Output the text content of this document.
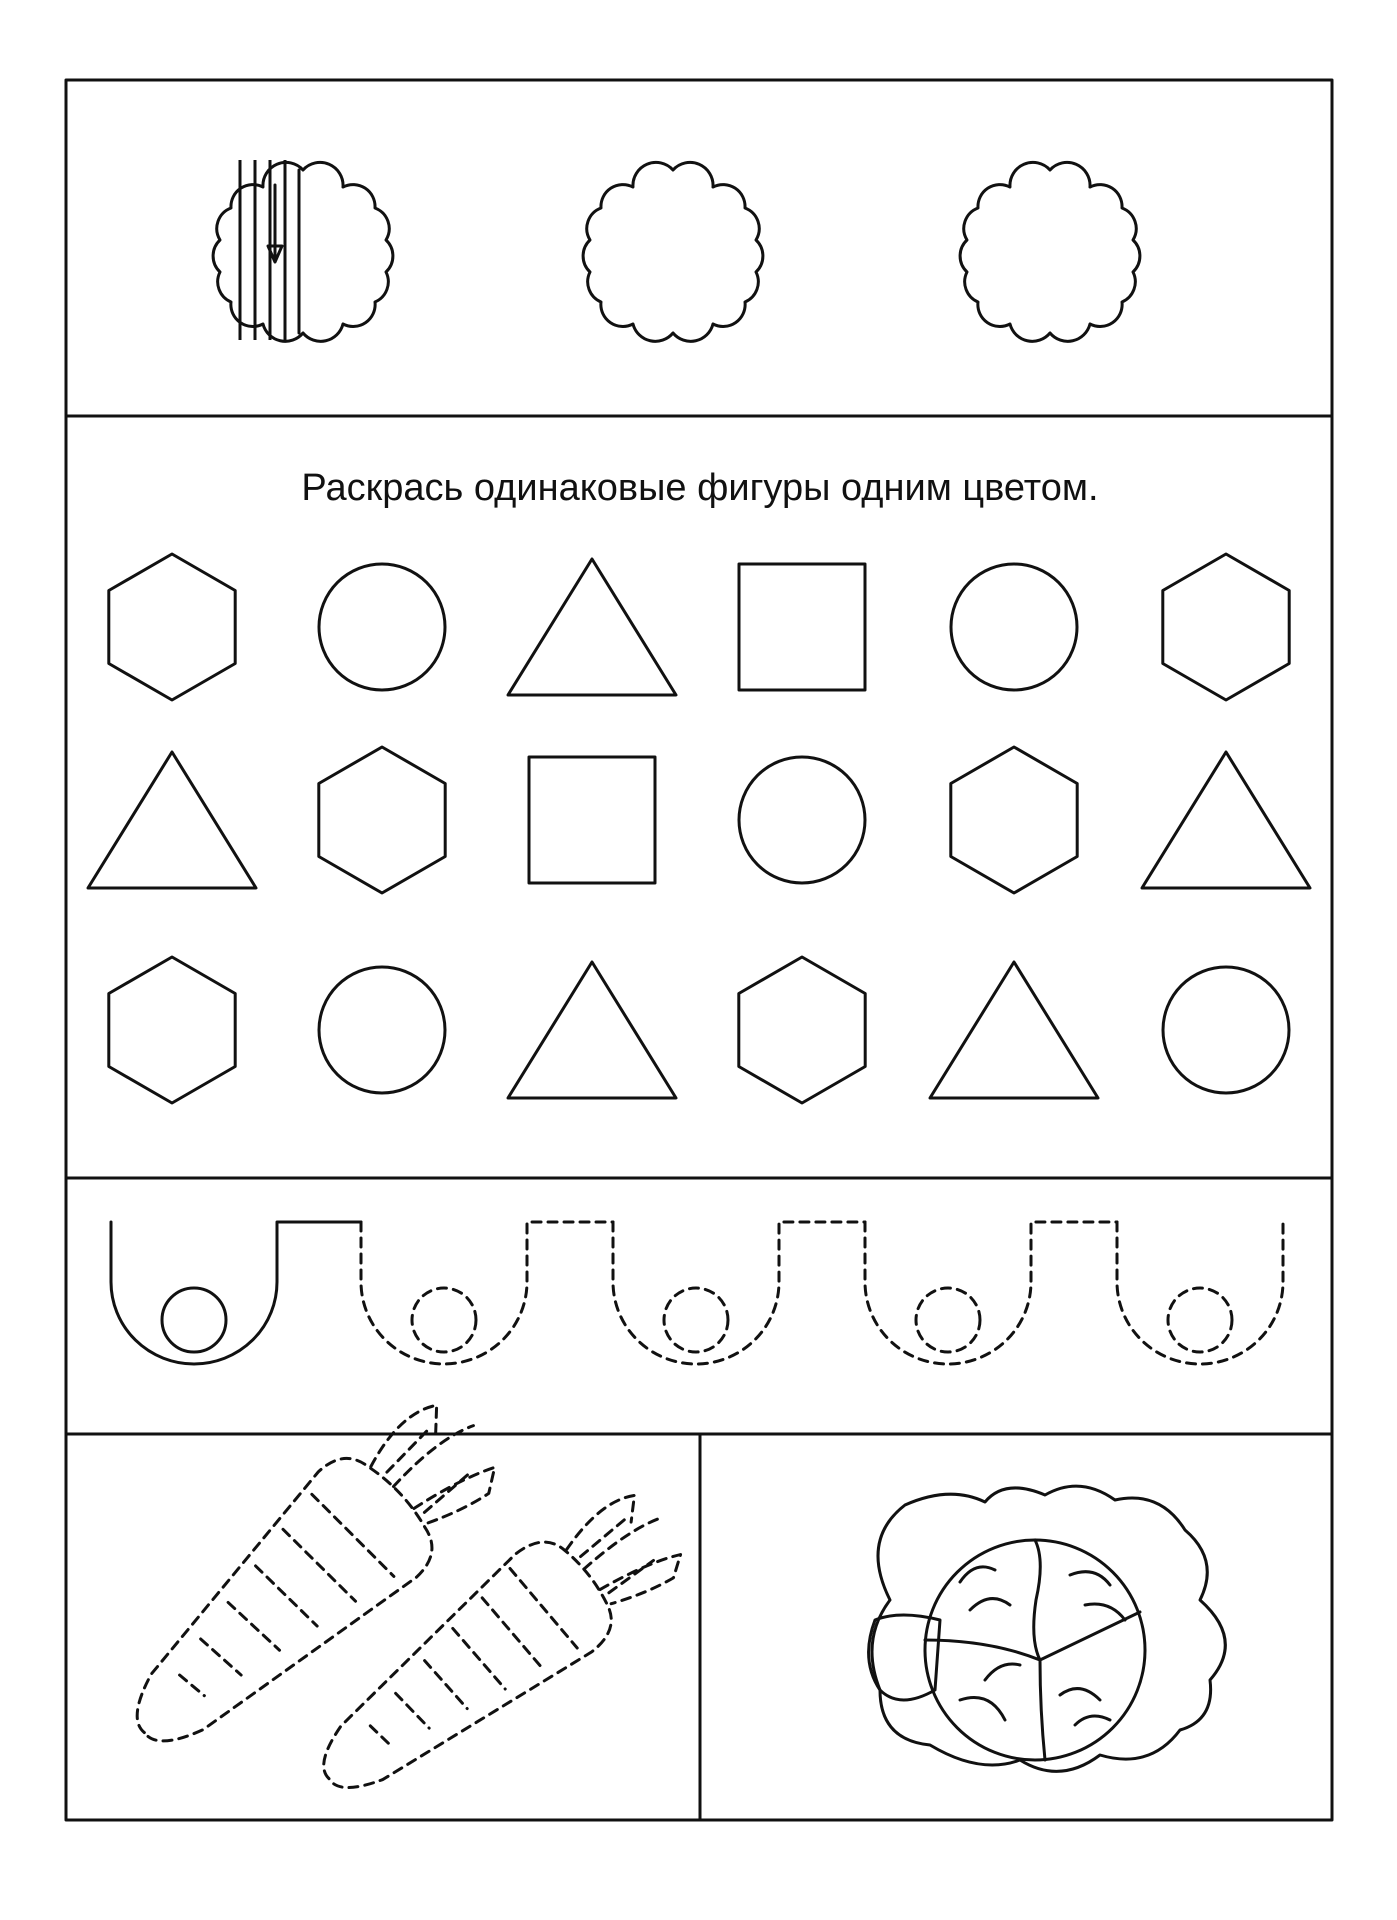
Раскрась одинаковые фигуры одним цветом.
